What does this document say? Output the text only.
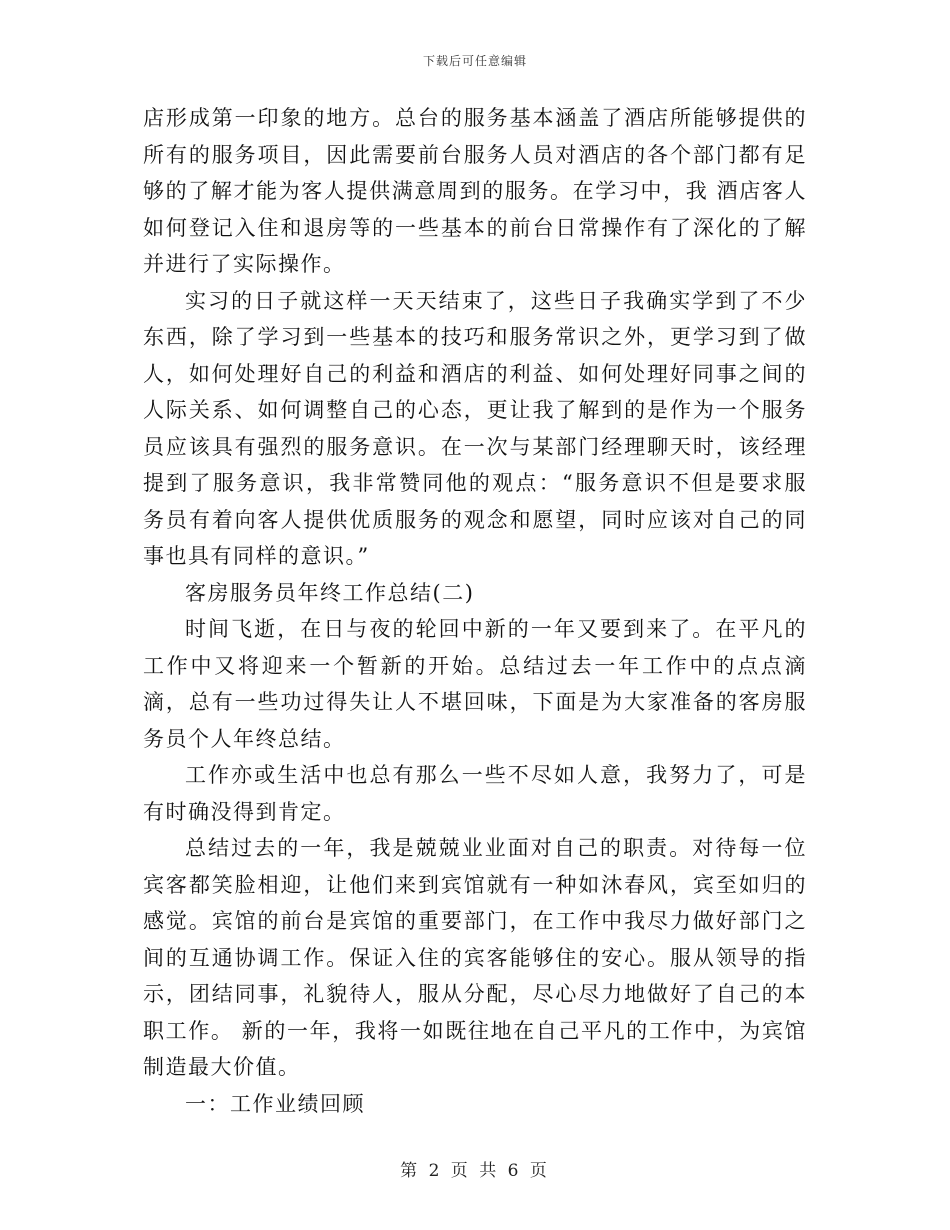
下载后可任意编辑

店形成第一印象的地方。总台的服务基本涵盖了酒店所能够提供的所有的服务项目，因此需要前台服务人员对酒店的各个部门都有足够的了解才能为客人提供满意周到的服务。在学习中，我 酒店客人如何登记入住和退房等的一些基本的前台日常操作有了深化的了解并进行了实际操作。

实习的日子就这样一天天结束了，这些日子我确实学到了不少东西，除了学习到一些基本的技巧和服务常识之外，更学习到了做人，如何处理好自己的利益和酒店的利益、如何处理好同事之间的人际关系、如何调整自己的心态，更让我了解到的是作为一个服务员应该具有强烈的服务意识。在一次与某部门经理聊天时，该经理提到了服务意识，我非常赞同他的观点：“服务意识不但是要求服务员有着向客人提供优质服务的观念和愿望，同时应该对自己的同事也具有同样的意识。”

客房服务员年终工作总结(二)

时间飞逝，在日与夜的轮回中新的一年又要到来了。在平凡的工作中又将迎来一个暂新的开始。总结过去一年工作中的点点滴滴，总有一些功过得失让人不堪回味，下面是为大家准备的客房服务员个人年终总结。

工作亦或生活中也总有那么一些不尽如人意，我努力了，可是有时确没得到肯定。

总结过去的一年，我是兢兢业业面对自己的职责。对待每一位宾客都笑脸相迎，让他们来到宾馆就有一种如沐春风，宾至如归的感觉。宾馆的前台是宾馆的重要部门，在工作中我尽力做好部门之间的互通协调工作。保证入住的宾客能够住的安心。服从领导的指示，团结同事，礼貌待人，服从分配，尽心尽力地做好了自己的本职工作。 新的一年，我将一如既往地在自己平凡的工作中，为宾馆制造最大价值。

一：工作业绩回顾

第 2 页 共 6 页
